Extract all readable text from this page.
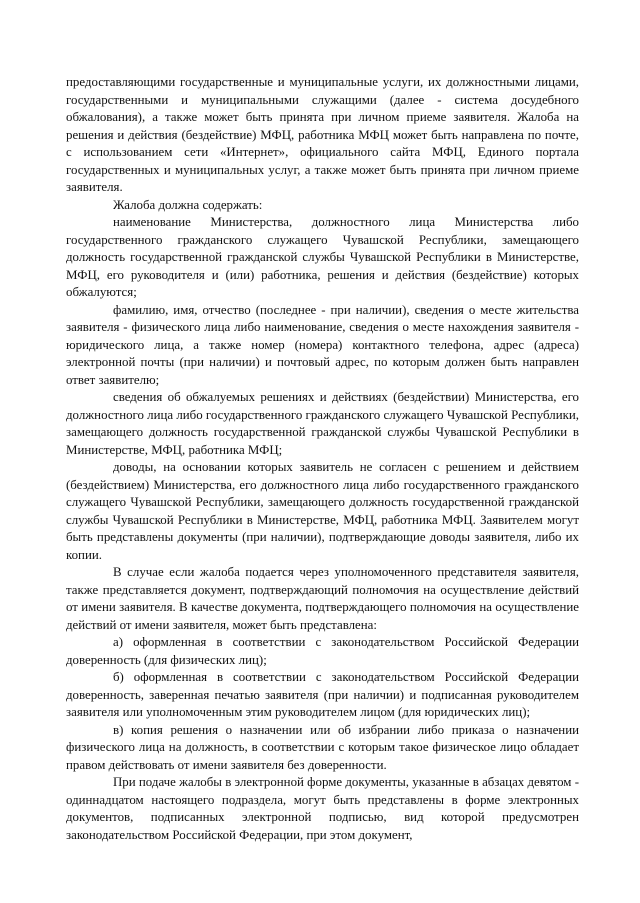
предоставляющими государственные и муниципальные услуги, их должностными лицами, государственными и муниципальными служащими (далее - система досудебного обжалования), а также может быть принята при личном приеме заявителя. Жалоба на решения и действия (бездействие) МФЦ, работника МФЦ может быть направлена по почте, с использованием сети «Интернет», официального сайта МФЦ, Единого портала государственных и муниципальных услуг, а также может быть принята при личном приеме заявителя.

Жалоба должна содержать:

наименование Министерства, должностного лица Министерства либо государственного гражданского служащего Чувашской Республики, замещающего должность государственной гражданской службы Чувашской Республики в Министерстве, МФЦ, его руководителя и (или) работника, решения и действия (бездействие) которых обжалуются;

фамилию, имя, отчество (последнее - при наличии), сведения о месте жительства заявителя - физического лица либо наименование, сведения о месте нахождения заявителя - юридического лица, а также номер (номера) контактного телефона, адрес (адреса) электронной почты (при наличии) и почтовый адрес, по которым должен быть направлен ответ заявителю;

сведения об обжалуемых решениях и действиях (бездействии) Министерства, его должностного лица либо государственного гражданского служащего Чувашской Республики, замещающего должность государственной гражданской службы Чувашской Республики в Министерстве, МФЦ, работника МФЦ;

доводы, на основании которых заявитель не согласен с решением и действием (бездействием) Министерства, его должностного лица либо государственного гражданского служащего Чувашской Республики, замещающего должность государственной гражданской службы Чувашской Республики в Министерстве, МФЦ, работника МФЦ. Заявителем могут быть представлены документы (при наличии), подтверждающие доводы заявителя, либо их копии.

В случае если жалоба подается через уполномоченного представителя заявителя, также представляется документ, подтверждающий полномочия на осуществление действий от имени заявителя. В качестве документа, подтверждающего полномочия на осуществление действий от имени заявителя, может быть представлена:

а) оформленная в соответствии с законодательством Российской Федерации доверенность (для физических лиц);

б) оформленная в соответствии с законодательством Российской Федерации доверенность, заверенная печатью заявителя (при наличии) и подписанная руководителем заявителя или уполномоченным этим руководителем лицом (для юридических лиц);

в) копия решения о назначении или об избрании либо приказа о назначении физического лица на должность, в соответствии с которым такое физическое лицо обладает правом действовать от имени заявителя без доверенности.

При подаче жалобы в электронной форме документы, указанные в абзацах девятом - одиннадцатом настоящего подраздела, могут быть представлены в форме электронных документов, подписанных электронной подписью, вид которой предусмотрен законодательством Российской Федерации, при этом документ,
